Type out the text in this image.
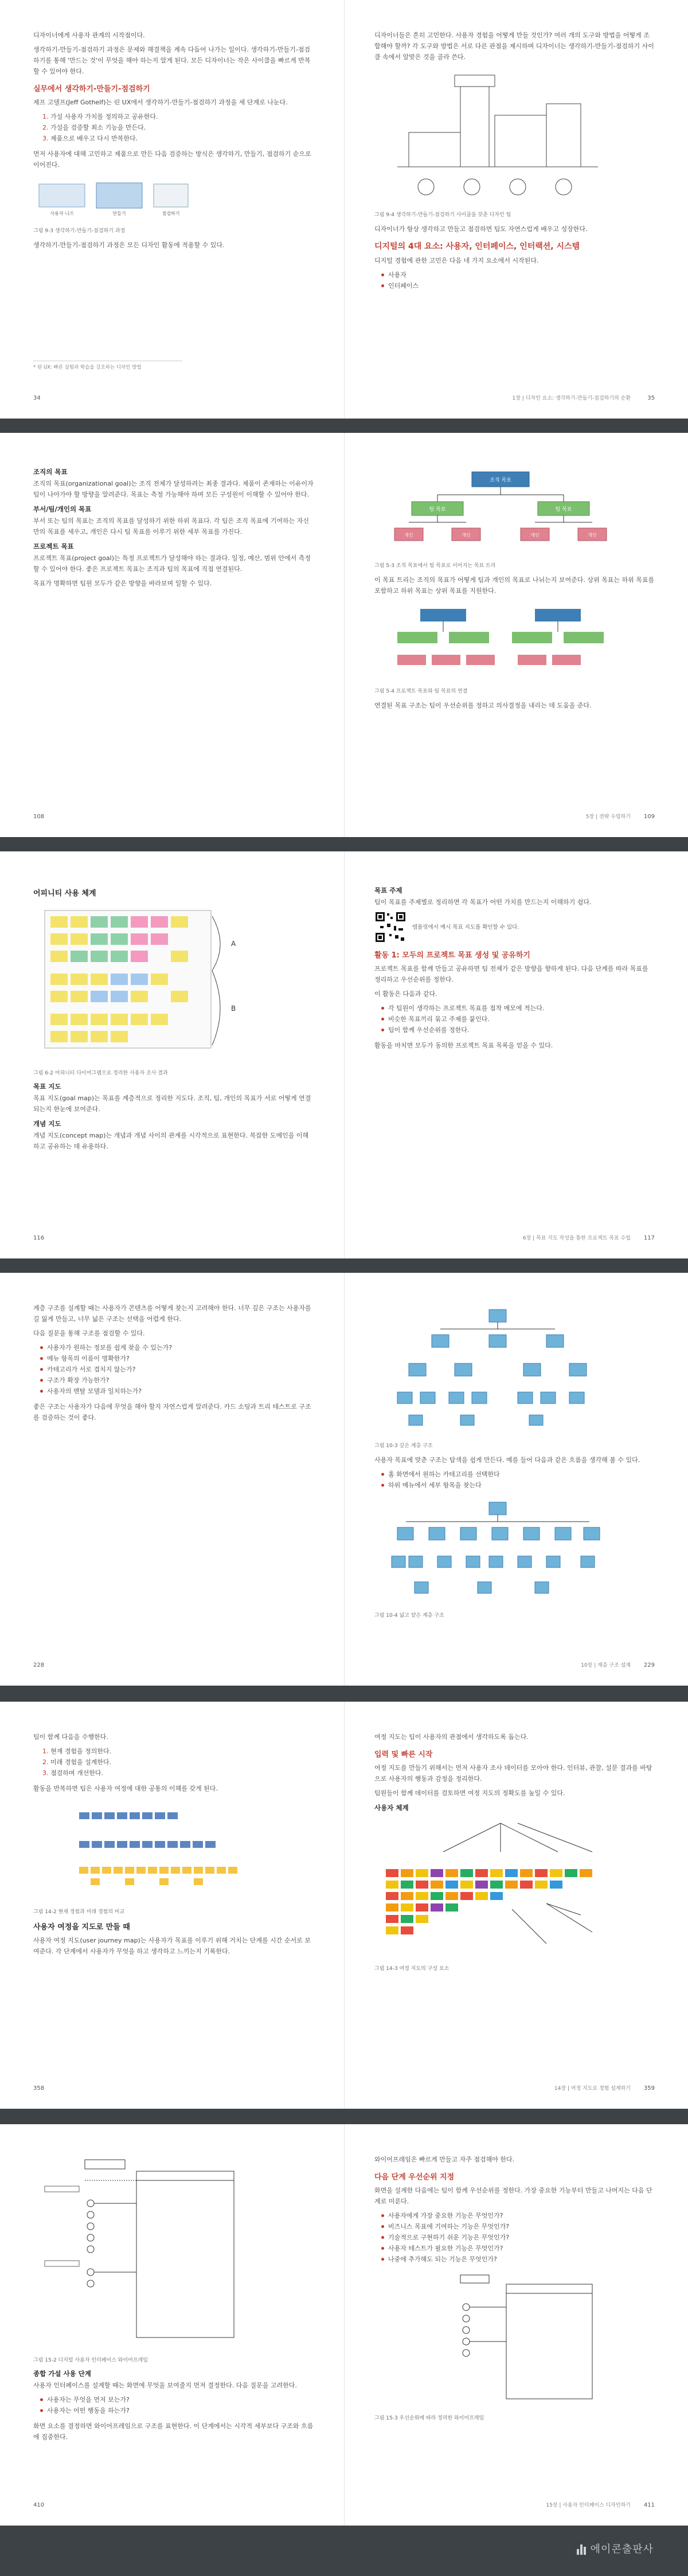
디자이너에게 사용자 관계의 시작점이다.

생각하기-만들기-점검하기 과정은 문제와 해결책을 계속 다듬어 나가는 일이다. 생각하기-만들기-점검하기를 통해 '만드는 것'이 무엇을 해야 하는지 알게 된다. 모든 디자이너는 작은 사이클을 빠르게 반복할 수 있어야 한다.

실무에서 생각하기-만들기-점검하기

제프 고델프(Jeff Gothelf)는 린 UX에서 생각하기-만들기-점검하기 과정을 세 단계로 나눈다.

1. 가설 사용자 가치를 정의하고 공유한다.
2. 가설을 검증할 최소 기능을 만든다.
3. 제품으로 배우고 다시 반복한다.

먼저 사용자에 대해 고민하고 제품으로 만든 다음 검증하는 방식은 생각하기, 만들기, 점검하기 순으로 이어진다.

사용자 니즈	만들기	점검하기
그림 9-3 생각하기-만들기-점검하기 과정

생각하기-만들기-점검하기 과정은 모든 디자인 활동에 적용할 수 있다.

* 린 UX: 빠른 실험과 학습을 강조하는 디자인 방법
34

디자이너들은 흔히 고민한다. 사용자 경험을 어떻게 만들 것인가? 여러 개의 도구와 방법을 어떻게 조합해야 할까? 각 도구와 방법은 서로 다른 관점을 제시하며 디자이너는 생각하기-만들기-점검하기 사이클 속에서 알맞은 것을 골라 쓴다.

그림 9-4 생각하기-만들기-점검하기 사이클을 갖춘 디자인 팀

디자이너가 항상 생각하고 만들고 점검하면 팀도 자연스럽게 배우고 성장한다.

디지털의 4대 요소: 사용자, 인터페이스, 인터랙션, 시스템

디지털 경험에 관한 고민은 다음 네 가지 요소에서 시작된다.

사용자
인터페이스
1장 | 디자인 요소: 생각하기-만들기-점검하기의 순환	35
조직의 목표

조직의 목표(organizational goal)는 조직 전체가 달성하려는 최종 결과다. 제품이 존재하는 이유이자 팀이 나아가야 할 방향을 알려준다. 목표는 측정 가능해야 하며 모든 구성원이 이해할 수 있어야 한다.

부서/팀/개인의 목표

부서 또는 팀의 목표는 조직의 목표를 달성하기 위한 하위 목표다. 각 팀은 조직 목표에 기여하는 자신만의 목표를 세우고, 개인은 다시 팀 목표를 이루기 위한 세부 목표를 가진다.

프로젝트 목표

프로젝트 목표(project goal)는 특정 프로젝트가 달성해야 하는 결과다. 일정, 예산, 범위 안에서 측정할 수 있어야 한다. 좋은 프로젝트 목표는 조직과 팀의 목표에 직접 연결된다.

목표가 명확하면 팀원 모두가 같은 방향을 바라보며 일할 수 있다.

108
조직 목표
팀 목표	팀 목표
개인	개인	개인	개인
그림 5-3 조직 목표에서 팀 목표로 이어지는 목표 트리

이 목표 트리는 조직의 목표가 어떻게 팀과 개인의 목표로 나뉘는지 보여준다. 상위 목표는 하위 목표를 포함하고 하위 목표는 상위 목표를 지원한다.

그림 5-4 프로젝트 목표와 팀 목표의 연결

연결된 목표 구조는 팀이 우선순위를 정하고 의사결정을 내리는 데 도움을 준다.

5장 | 전략 수립하기 109
어피니티 사용 체계
A
B
그림 6-2 어피니티 다이어그램으로 정리한 사용자 조사 결과
목표 지도

목표 지도(goal map)는 목표를 계층적으로 정리한 지도다. 조직, 팀, 개인의 목표가 서로 어떻게 연결되는지 한눈에 보여준다.

개념 지도

개념 지도(concept map)는 개념과 개념 사이의 관계를 시각적으로 표현한다. 복잡한 도메인을 이해하고 공유하는 데 유용하다.

116
목표 주제

팀이 목표를 주제별로 정리하면 각 목표가 어떤 가치를 만드는지 이해하기 쉽다.

템플릿에서 예시 목표 지도를 확인할 수 있다.
활동 1: 모두의 프로젝트 목표 생성 및 공유하기

프로젝트 목표를 함께 만들고 공유하면 팀 전체가 같은 방향을 향하게 된다. 다음 단계를 따라 목표를 정리하고 우선순위를 정한다.

이 활동은 다음과 같다.

각 팀원이 생각하는 프로젝트 목표를 접착 메모에 적는다.
비슷한 목표끼리 묶고 주제를 붙인다.
팀이 함께 우선순위를 정한다.

활동을 마치면 모두가 동의한 프로젝트 목표 목록을 얻을 수 있다.

6장 | 목표 지도 작성을 통한 프로젝트 목표 수립 117

계층 구조를 설계할 때는 사용자가 콘텐츠를 어떻게 찾는지 고려해야 한다. 너무 깊은 구조는 사용자를 길 잃게 만들고, 너무 넓은 구조는 선택을 어렵게 한다.

다음 질문을 통해 구조를 점검할 수 있다.

사용자가 원하는 정보를 쉽게 찾을 수 있는가?
메뉴 항목의 이름이 명확한가?
카테고리가 서로 겹치지 않는가?
구조가 확장 가능한가?
사용자의 멘탈 모델과 일치하는가?

좋은 구조는 사용자가 다음에 무엇을 해야 할지 자연스럽게 알려준다. 카드 소팅과 트리 테스트로 구조를 검증하는 것이 좋다.

228
그림 10-3 깊은 계층 구조

사용자 목표에 맞춘 구조는 탐색을 쉽게 만든다. 예를 들어 다음과 같은 흐름을 생각해 볼 수 있다.

홈 화면에서 원하는 카테고리를 선택한다
하위 메뉴에서 세부 항목을 찾는다
그림 10-4 넓고 얕은 계층 구조
10장 | 계층 구조 설계 229

팀이 함께 다음을 수행한다.

1. 현재 경험을 정의한다.
2. 미래 경험을 설계한다.
3. 점검하며 개선한다.

활동을 반복하면 팀은 사용자 여정에 대한 공통의 이해를 갖게 된다.

그림 14-2 현재 경험과 미래 경험의 비교
사용자 여정을 지도로 만들 때

사용자 여정 지도(user journey map)는 사용자가 목표를 이루기 위해 거치는 단계를 시간 순서로 보여준다. 각 단계에서 사용자가 무엇을 하고 생각하고 느끼는지 기록한다.

358

여정 지도는 팀이 사용자의 관점에서 생각하도록 돕는다.

입력 및 빠른 시작

여정 지도를 만들기 위해서는 먼저 사용자 조사 데이터를 모아야 한다. 인터뷰, 관찰, 설문 결과를 바탕으로 사용자의 행동과 감정을 정리한다.

팀원들이 함께 데이터를 검토하면 여정 지도의 정확도를 높일 수 있다.

사용자 체계
그림 14-3 여정 지도의 구성 요소
14장 | 여정 지도로 경험 설계하기 359
그림 15-2 디지털 사용자 인터페이스 와이어프레임
종합 가설 사용 단계

사용자 인터페이스를 설계할 때는 화면에 무엇을 보여줄지 먼저 결정한다. 다음 질문을 고려한다.

사용자는 무엇을 먼저 보는가?
사용자는 어떤 행동을 하는가?

화면 요소를 결정하면 와이어프레임으로 구조를 표현한다. 이 단계에서는 시각적 세부보다 구조와 흐름에 집중한다.

410

와이어프레임은 빠르게 만들고 자주 점검해야 한다.

다음 단계 우선순위 지정

화면을 설계한 다음에는 팀이 함께 우선순위를 정한다. 가장 중요한 기능부터 만들고 나머지는 다음 단계로 미룬다.

사용자에게 가장 중요한 기능은 무엇인가?
비즈니스 목표에 기여하는 기능은 무엇인가?
기술적으로 구현하기 쉬운 기능은 무엇인가?
사용자 테스트가 필요한 기능은 무엇인가?
나중에 추가해도 되는 기능은 무엇인가?
그림 15-3 우선순위에 따라 정리한 와이어프레임
15장 | 사용자 인터페이스 디자인하기 411
에이콘출판사
